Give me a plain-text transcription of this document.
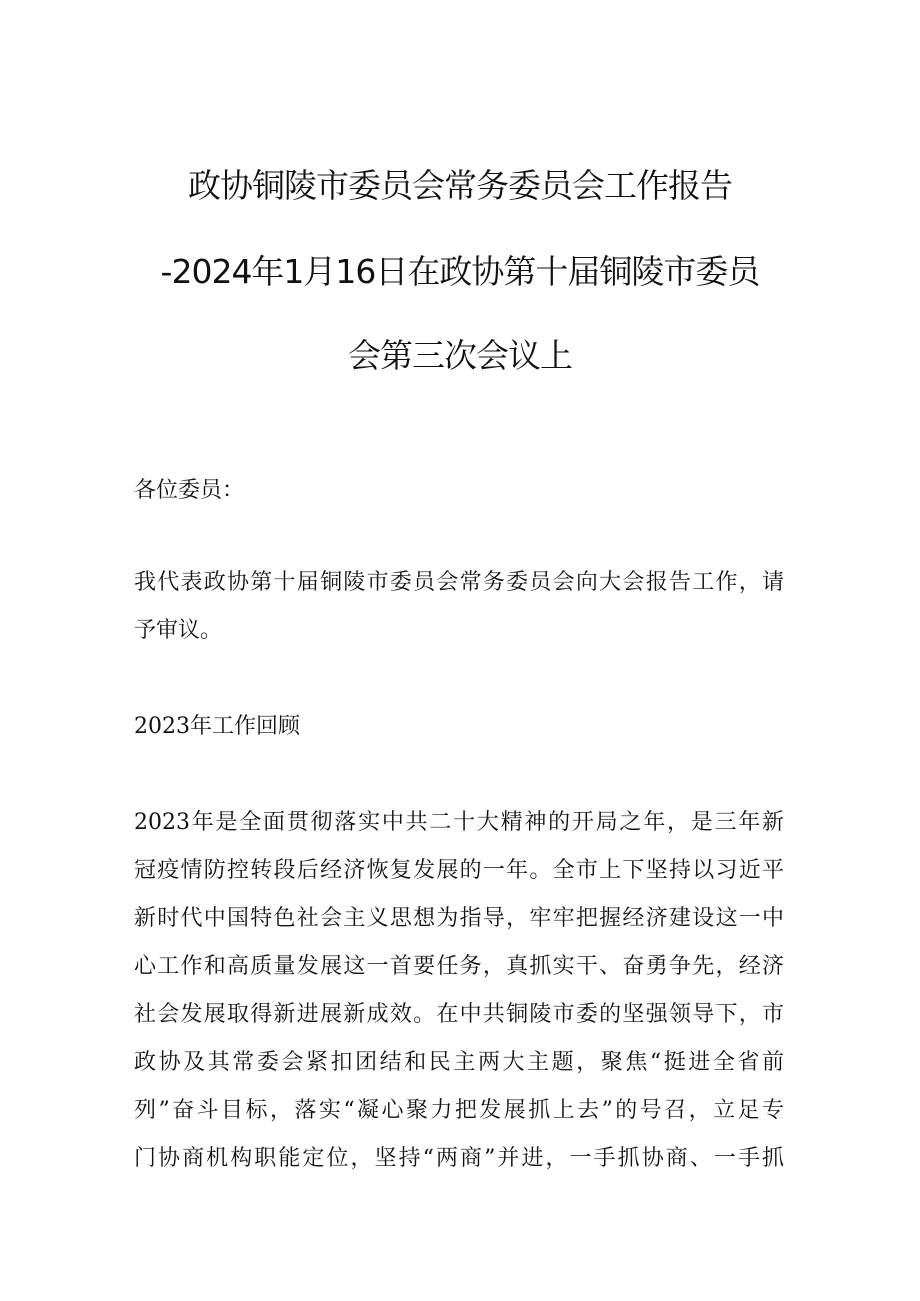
政协铜陵市委员会常务委员会工作报告
-2024年1月16日在政协第十届铜陵市委员
会第三次会议上
各位委员：
我代表政协第十届铜陵市委员会常务委员会向大会报告工作，请
予审议。
2023年工作回顾
2023年是全面贯彻落实中共二十大精神的开局之年，是三年新
冠疫情防控转段后经济恢复发展的一年。全市上下坚持以习近平
新时代中国特色社会主义思想为指导，牢牢把握经济建设这一中
心工作和高质量发展这一首要任务，真抓实干、奋勇争先，经济
社会发展取得新进展新成效。在中共铜陵市委的坚强领导下，市
政协及其常委会紧扣团结和民主两大主题，聚焦“挺进全省前
列”奋斗目标，落实“凝心聚力把发展抓上去”的号召，立足专
门协商机构职能定位，坚持“两商”并进，一手抓协商、一手抓
